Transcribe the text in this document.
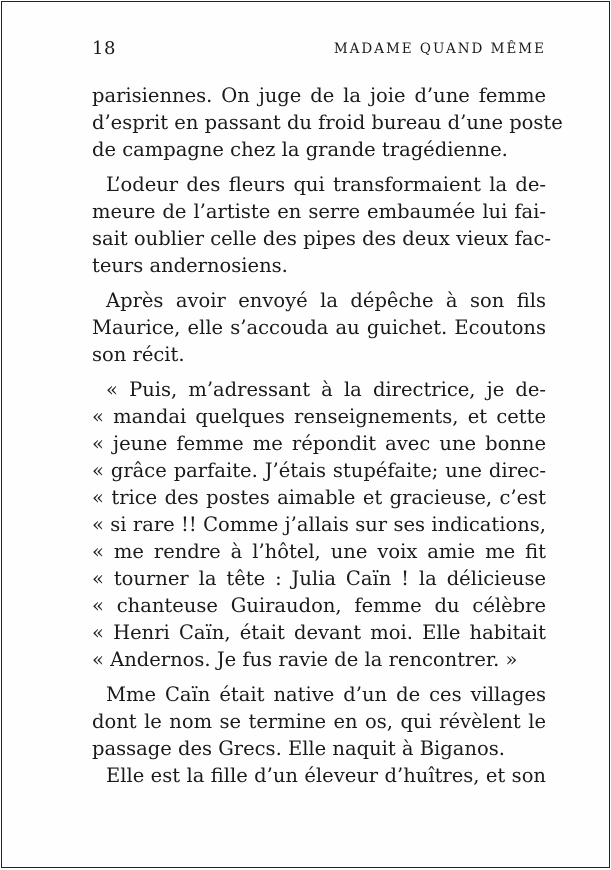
18	MADAME QUAND MÊME
parisiennes. On juge de la joie d’une femme
d’esprit en passant du froid bureau d’une poste
de campagne chez la grande tragédienne.
L’odeur des fleurs qui transformaient la de-
meure de l’artiste en serre embaumée lui fai-
sait oublier celle des pipes des deux vieux fac-
teurs andernosiens.
Après avoir envoyé la dépêche à son fils
Maurice, elle s’accouda au guichet. Ecoutons
son récit.
« Puis, m’adressant à la directrice, je de-
« mandai quelques renseignements, et cette
« jeune femme me répondit avec une bonne
« grâce parfaite. J’étais stupéfaite; une direc-
« trice des postes aimable et gracieuse, c’est
« si rare !! Comme j’allais sur ses indications,
« me rendre à l’hôtel, une voix amie me fit
« tourner la tête : Julia Caïn ! la délicieuse
« chanteuse Guiraudon, femme du célèbre
« Henri Caïn, était devant moi. Elle habitait
« Andernos. Je fus ravie de la rencontrer. »
Mme Caïn était native d’un de ces villages
dont le nom se termine en os, qui révèlent le
passage des Grecs. Elle naquit à Biganos.
Elle est la fille d’un éleveur d’huîtres, et son
